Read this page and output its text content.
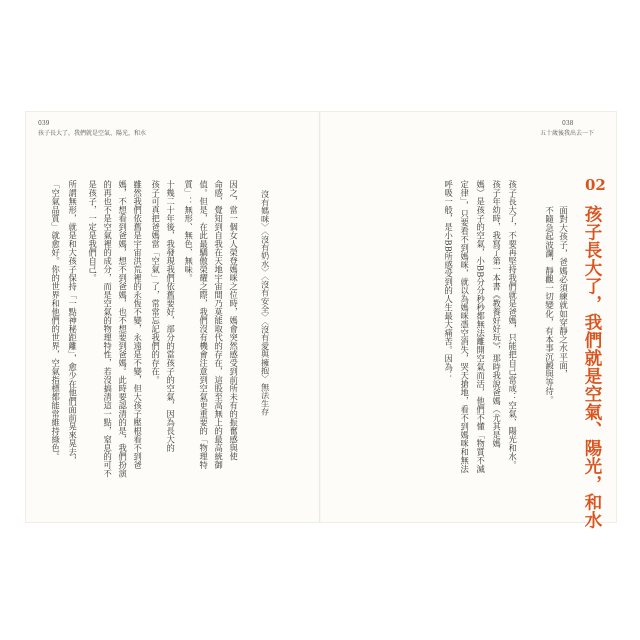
039
孩子長大了，我們就是空氣、陽光，和水
038
五十歲後我出去一下
02
孩子長大了，我們就是空氣、陽光，和水
面對大孩子，爸媽必須練就如穿靜之水平面，
不隨急起波瀾，靜觀一切變化，有本事沉澱與等待。
孩子長大了，不要再堅持我們就是爸媽，只能把自己當成：空氣、陽光和水。
孩子年幼時，我寫了第一本書《教養好好玩》，那時我說爸媽（尤其是媽
媽）是孩子的空氣，小BB分分秒秒都無法離開空氣而活，他們不懂「物質不滅
定律」，只要看不到媽咪，就以為媽咪憑空消失，哭天搶地，看不到媽咪和無法
呼吸一般，是小BB所感受到的人生最大痛苦。因為：
沒有媽咪〉〈沒有奶水〉〈沒有安全〉〈沒有愛與擁抱〉無法生存
因之，當一個女人榮登媽咪之位時，媽會突然感受到前所未有的振奮感與使
命感，覺知到自我在天地宇宙間乃莫能取代的存在，這股至高無上的最高統御
值。但是，在此最驕傲榮耀之際，我們沒有機會注意到空氣更重要的「物理特
質」：無形、無色、無味。
十幾二十年後，我發現我們依舊要好，部分的當孩子的空氣，因為長大的
孩子可真把爸媽當「空氣」了，常常忘記我們的存在。
雖然我們依舊是宇宙洪荒裡的永恆不變，永遠是不變，但大孩子壓根看不到爸
媽，不想看到爸媽，想不到爸媽，也不想要到爸媽。此時要認清的是，我們扮演
的再也不是空氣裡的成分，而是空氣的物理特性，若沒搞清這一點，窒息的可不
是孩子，一定是我們自己。
所謂無形，就是和大孩子保持「一點神秘距離」，愈少在他們面前晃來晃去，
「空氣品質」就愈好。你的世界和他們的世界，空氣指標都能常維持綠色。
